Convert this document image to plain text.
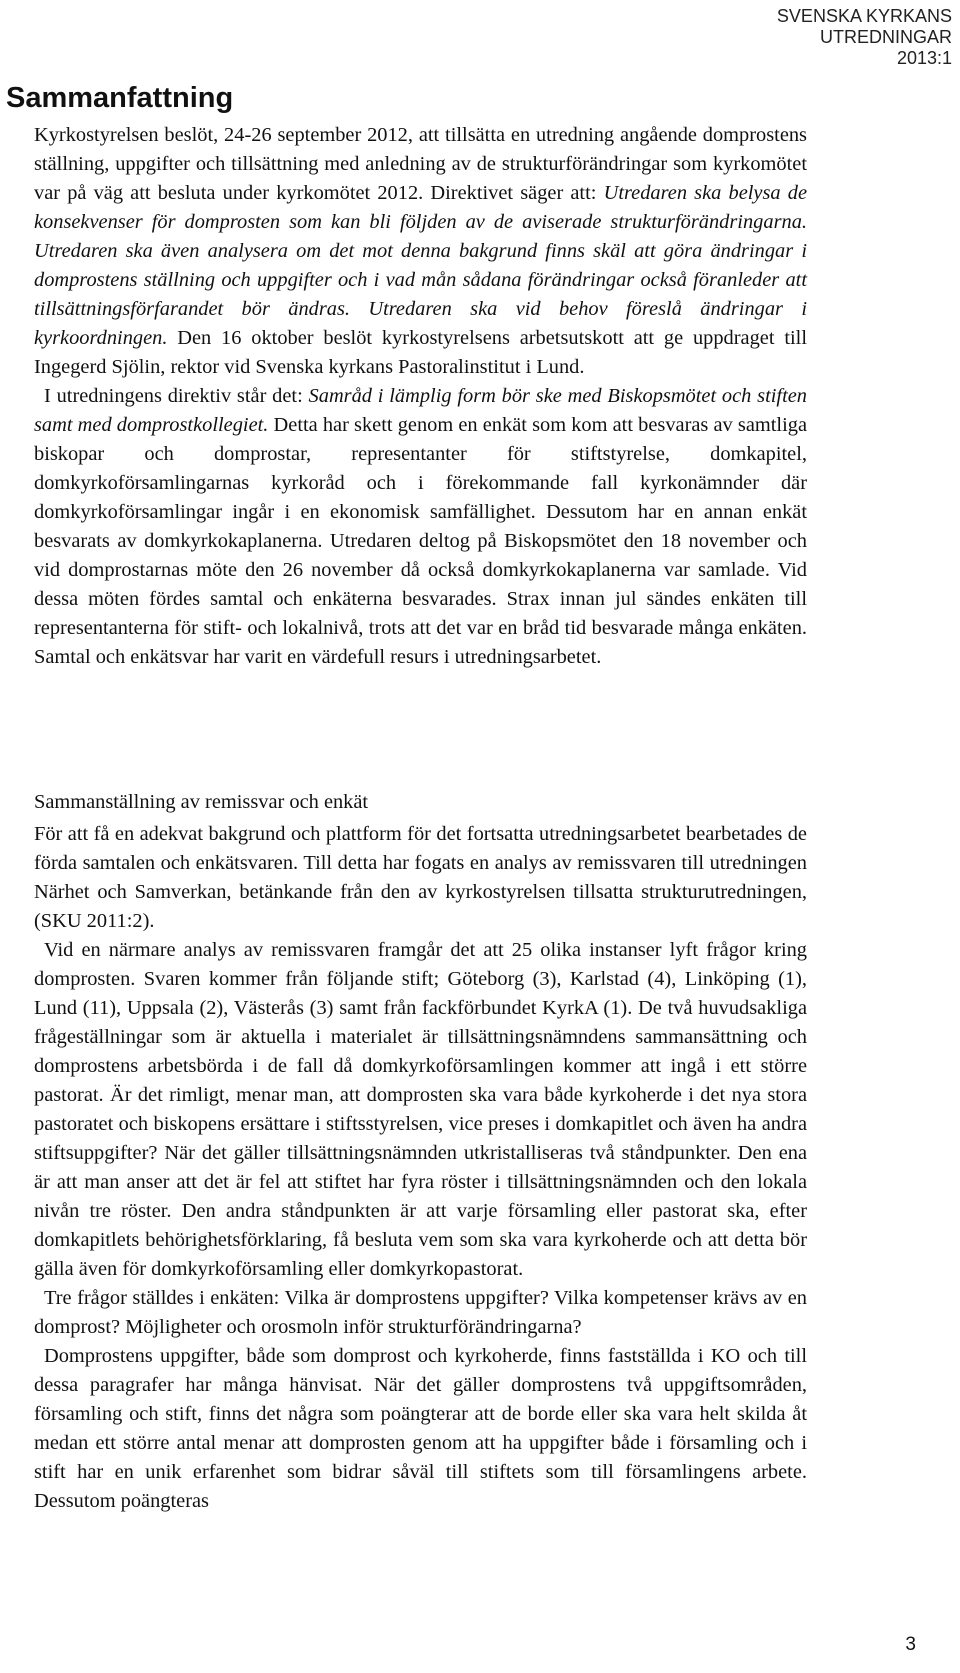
SVENSKA KYRKANS
UTREDNINGAR
2013:1
Sammanfattning

Kyrkostyrelsen beslöt, 24-26 september 2012, att tillsätta en utredning angående domprostens ställning, uppgifter och tillsättning med anledning av de strukturförändringar som kyrkomötet var på väg att besluta under kyrkomötet 2012. Direktivet säger att: Utredaren ska belysa de konsekvenser för domprosten som kan bli följden av de aviserade strukturförändringarna. Utredaren ska även analysera om det mot denna bakgrund finns skäl att göra ändringar i domprostens ställning och uppgifter och i vad mån sådana förändringar också föranleder att tillsättningsförfarandet bör ändras. Utredaren ska vid behov föreslå ändringar i kyrkoordningen. Den 16 oktober beslöt kyrkostyrelsens arbetsutskott att ge uppdraget till Ingegerd Sjölin, rektor vid Svenska kyrkans Pastoralinstitut i Lund.

I utredningens direktiv står det: Samråd i lämplig form bör ske med Biskopsmötet och stiften samt med domprostkollegiet. Detta har skett genom en enkät som kom att besvaras av samtliga biskopar och domprostar, representanter för stiftstyrelse, domkapitel, domkyrkoförsamlingarnas kyrkoråd och i förekommande fall kyrkonämnder där domkyrkoförsamlingar ingår i en ekonomisk samfällighet. Dessutom har en annan enkät besvarats av domkyrkokaplanerna. Utredaren deltog på Biskopsmötet den 18 november och vid domprostarnas möte den 26 november då också domkyrkokaplanerna var samlade. Vid dessa möten fördes samtal och enkäterna besvarades. Strax innan jul sändes enkäten till representanterna för stift- och lokalnivå, trots att det var en bråd tid besvarade många enkäten. Samtal och enkätsvar har varit en värdefull resurs i utredningsarbetet.

Sammanställning av remissvar och enkät

För att få en adekvat bakgrund och plattform för det fortsatta utredningsarbetet bearbetades de förda samtalen och enkätsvaren. Till detta har fogats en analys av remissvaren till utredningen Närhet och Samverkan, betänkande från den av kyrkostyrelsen tillsatta strukturutredningen, (SKU 2011:2).

Vid en närmare analys av remissvaren framgår det att 25 olika instanser lyft frågor kring domprosten. Svaren kommer från följande stift; Göteborg (3), Karlstad (4), Linköping (1), Lund (11), Uppsala (2), Västerås (3) samt från fackförbundet KyrkA (1). De två huvudsakliga frågeställningar som är aktuella i materialet är tillsättningsnämndens sammansättning och domprostens arbetsbörda i de fall då domkyrkoförsamlingen kommer att ingå i ett större pastorat. Är det rimligt, menar man, att domprosten ska vara både kyrkoherde i det nya stora pastoratet och biskopens ersättare i stiftsstyrelsen, vice preses i domkapitlet och även ha andra stiftsuppgifter? När det gäller tillsättningsnämnden utkristalliseras två ståndpunkter. Den ena är att man anser att det är fel att stiftet har fyra röster i tillsättningsnämnden och den lokala nivån tre röster. Den andra ståndpunkten är att varje församling eller pastorat ska, efter domkapitlets behörighetsförklaring, få besluta vem som ska vara kyrkoherde och att detta bör gälla även för domkyrkoförsamling eller domkyrkopastorat.

Tre frågor ställdes i enkäten: Vilka är domprostens uppgifter? Vilka kompetenser krävs av en domprost? Möjligheter och orosmoln inför strukturförändringarna?

Domprostens uppgifter, både som domprost och kyrkoherde, finns fastställda i KO och till dessa paragrafer har många hänvisat. När det gäller domprostens två uppgiftsområden, församling och stift, finns det några som poängterar att de borde eller ska vara helt skilda åt medan ett större antal menar att domprosten genom att ha uppgifter både i församling och i stift har en unik erfarenhet som bidrar såväl till stiftets som till församlingens arbete. Dessutom poängteras

3
